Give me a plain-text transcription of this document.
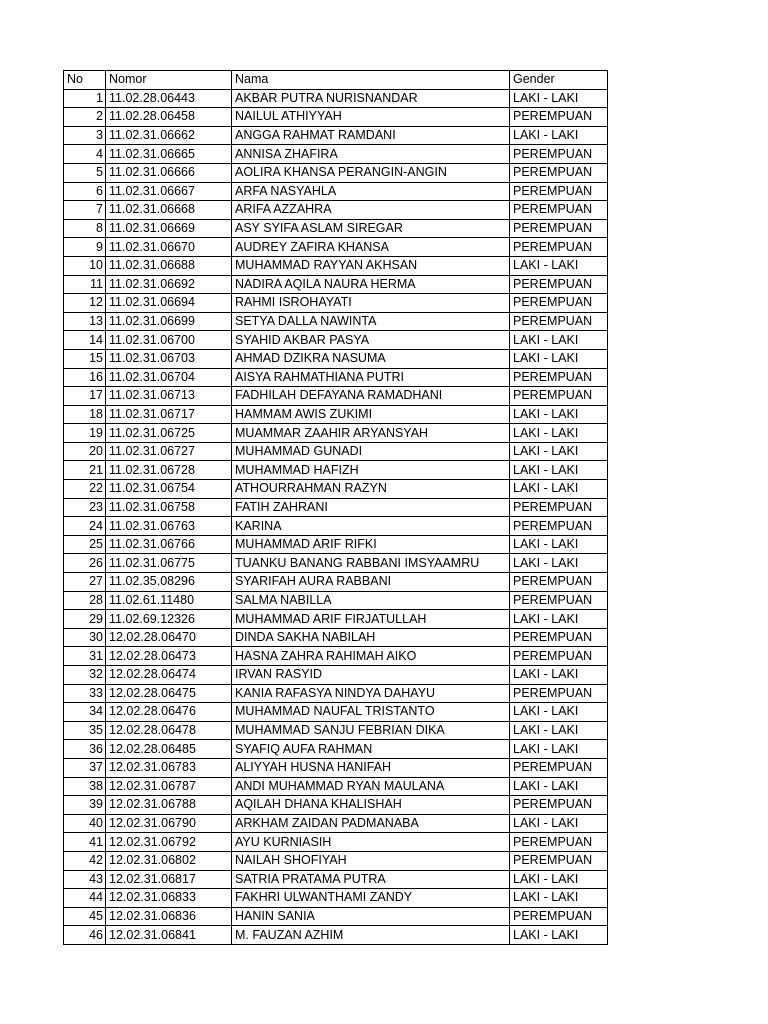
No	Nomor	Nama	Gender
1	11.02.28.06443	AKBAR PUTRA NURISNANDAR	LAKI - LAKI
2	11.02.28.06458	NAILUL ATHIYYAH	PEREMPUAN
3	11.02.31.06662	ANGGA RAHMAT RAMDANI	LAKI - LAKI
4	11.02.31.06665	ANNISA ZHAFIRA	PEREMPUAN
5	11.02.31.06666	AOLIRA KHANSA PERANGIN-ANGIN	PEREMPUAN
6	11.02.31.06667	ARFA NASYAHLA	PEREMPUAN
7	11.02.31.06668	ARIFA AZZAHRA	PEREMPUAN
8	11.02.31.06669	ASY SYIFA ASLAM SIREGAR	PEREMPUAN
9	11.02.31.06670	AUDREY ZAFIRA KHANSA	PEREMPUAN
10	11.02.31.06688	MUHAMMAD RAYYAN AKHSAN	LAKI - LAKI
11	11.02.31.06692	NADIRA AQILA NAURA HERMA	PEREMPUAN
12	11.02.31.06694	RAHMI ISROHAYATI	PEREMPUAN
13	11.02.31.06699	SETYA DALLA NAWINTA	PEREMPUAN
14	11.02.31.06700	SYAHID AKBAR PASYA	LAKI - LAKI
15	11.02.31.06703	AHMAD DZIKRA NASUMA	LAKI - LAKI
16	11.02.31.06704	AISYA RAHMATHIANA PUTRI	PEREMPUAN
17	11.02.31.06713	FADHILAH DEFAYANA RAMADHANI	PEREMPUAN
18	11.02.31.06717	HAMMAM AWIS ZUKIMI	LAKI - LAKI
19	11.02.31.06725	MUAMMAR ZAAHIR ARYANSYAH	LAKI - LAKI
20	11.02.31.06727	MUHAMMAD GUNADI	LAKI - LAKI
21	11.02.31.06728	MUHAMMAD HAFIZH	LAKI - LAKI
22	11.02.31.06754	ATHOURRAHMAN RAZYN	LAKI - LAKI
23	11.02.31.06758	FATIH ZAHRANI	PEREMPUAN
24	11.02.31.06763	KARINA	PEREMPUAN
25	11.02.31.06766	MUHAMMAD ARIF RIFKI	LAKI - LAKI
26	11.02.31.06775	TUANKU BANANG RABBANI IMSYAAMRU	LAKI - LAKI
27	11.02.35.08296	SYARIFAH AURA RABBANI	PEREMPUAN
28	11.02.61.11480	SALMA NABILLA	PEREMPUAN
29	11.02.69.12326	MUHAMMAD ARIF FIRJATULLAH	LAKI - LAKI
30	12.02.28.06470	DINDA SAKHA NABILAH	PEREMPUAN
31	12.02.28.06473	HASNA ZAHRA RAHIMAH AIKO	PEREMPUAN
32	12.02.28.06474	IRVAN RASYID	LAKI - LAKI
33	12.02.28.06475	KANIA RAFASYA NINDYA DAHAYU	PEREMPUAN
34	12.02.28.06476	MUHAMMAD NAUFAL TRISTANTO	LAKI - LAKI
35	12.02.28.06478	MUHAMMAD SANJU FEBRIAN DIKA	LAKI - LAKI
36	12.02.28.06485	SYAFIQ AUFA RAHMAN	LAKI - LAKI
37	12.02.31.06783	ALIYYAH HUSNA HANIFAH	PEREMPUAN
38	12.02.31.06787	ANDI MUHAMMAD RYAN MAULANA	LAKI - LAKI
39	12.02.31.06788	AQILAH DHANA KHALISHAH	PEREMPUAN
40	12.02.31.06790	ARKHAM ZAIDAN PADMANABA	LAKI - LAKI
41	12.02.31.06792	AYU KURNIASIH	PEREMPUAN
42	12.02.31.06802	NAILAH SHOFIYAH	PEREMPUAN
43	12.02.31.06817	SATRIA PRATAMA PUTRA	LAKI - LAKI
44	12.02.31.06833	FAKHRI ULWANTHAMI ZANDY	LAKI - LAKI
45	12.02.31.06836	HANIN SANIA	PEREMPUAN
46	12.02.31.06841	M. FAUZAN AZHIM	LAKI - LAKI
